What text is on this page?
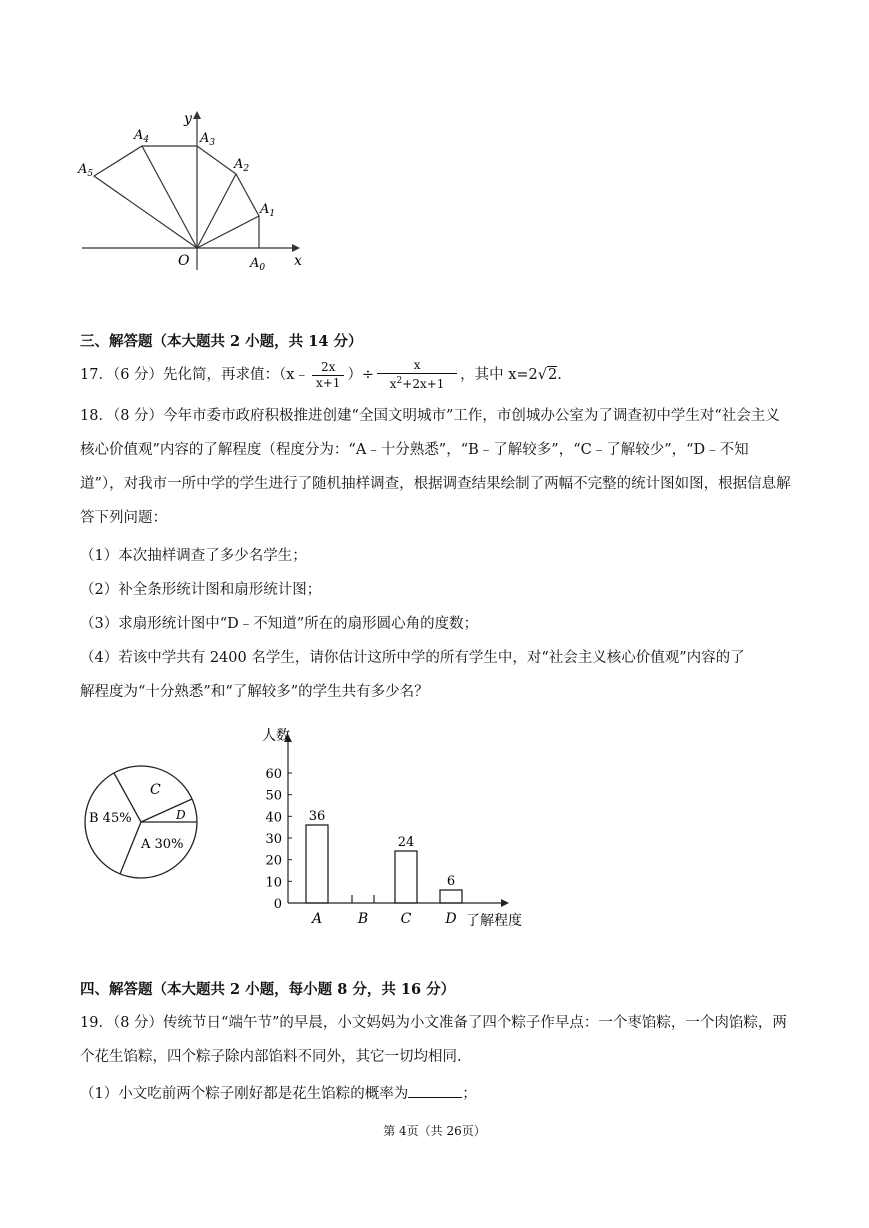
y
x
O	$A_0$
$A_1$
$A_2$
$A_3$
$A_4$
$A_5$
三、解答题（本大题共 2 小题，共 14 分）
17．（6 分）先化简，再求值：（x﹣ $\frac{2x}{x+1}$ ）÷ $\frac{x}{x^2+2x+1}$ ，其中 x=2√2.
18．（8 分）今年市委市政府积极推进创建“全国文明城市”工作，市创城办公室为了调查初中学生对“社会主义核心价值观”内容的了解程度（程度分为：“A﹣十分熟悉”，“B﹣了解较多”，“C﹣了解较少”，“D﹣不知道”），对我市一所中学的学生进行了随机抽样调查，根据调查结果绘制了两幅不完整的统计图如图，根据信息解答下列问题：
（1）本次抽样调查了多少名学生；
（2）补全条形统计图和扇形统计图；
（3）求扇形统计图中“D﹣不知道”所在的扇形圆心角的度数；
（4）若该中学共有 2400 名学生，请你估计这所中学的所有学生中，对“社会主义核心价值观”内容的了
解程度为“十分熟悉”和“了解较多”的学生共有多少名？
C
D
B 45%
A 30%
人数
了解程度
0
10
20
30
40
50
60
36
A	B
24
C
6
D
四、解答题（本大题共 2 小题，每小题 8 分，共 16 分）
19．（8 分）传统节日“端午节”的早晨，小文妈妈为小文准备了四个粽子作早点：一个枣馅粽，一个肉馅粽，两个花生馅粽，四个粽子除内部馅料不同外，其它一切均相同.
（1）小文吃前两个粽子刚好都是花生馅粽的概率为	；
第 4页（共 26页）
